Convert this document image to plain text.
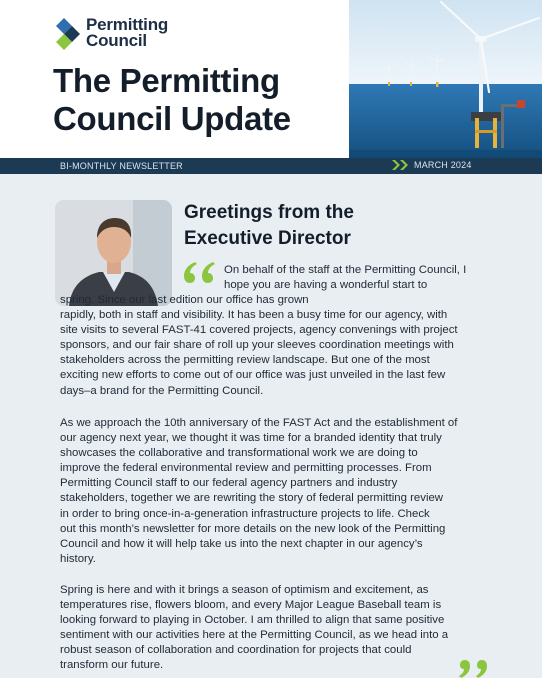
Permitting
Council
The Permitting
Council Update
BI-MONTHLY NEWSLETTER	MARCH 2024
Greetings from the
Executive Director
On behalf of the staff at the Permitting Council, I
hope you are having a wonderful start to
spring. Since our last edition our office has grown
rapidly, both in staff and visibility. It has been a busy time for our agency, with
site visits to several FAST-41 covered projects, agency convenings with project
sponsors, and our fair share of roll up your sleeves coordination meetings with
stakeholders across the permitting review landscape. But one of the most
exciting new efforts to come out of our office was just unveiled in the last few
days–a brand for the Permitting Council.
As we approach the 10th anniversary of the FAST Act and the establishment of
our agency next year, we thought it was time for a branded identity that truly
showcases the collaborative and transformational work we are doing to
improve the federal environmental review and permitting processes. From
Permitting Council staff to our federal agency partners and industry
stakeholders, together we are rewriting the story of federal permitting review
in order to bring once-in-a-generation infrastructure projects to life. Check
out this month’s newsletter for more details on the new look of the Permitting
Council and how it will help take us into the next chapter in our agency’s
history.
Spring is here and with it brings a season of optimism and excitement, as
temperatures rise, flowers bloom, and every Major League Baseball team is
looking forward to playing in October. I am thrilled to align that same positive
sentiment with our activities here at the Permitting Council, as we head into a
robust season of collaboration and coordination for projects that could
transform our future.
